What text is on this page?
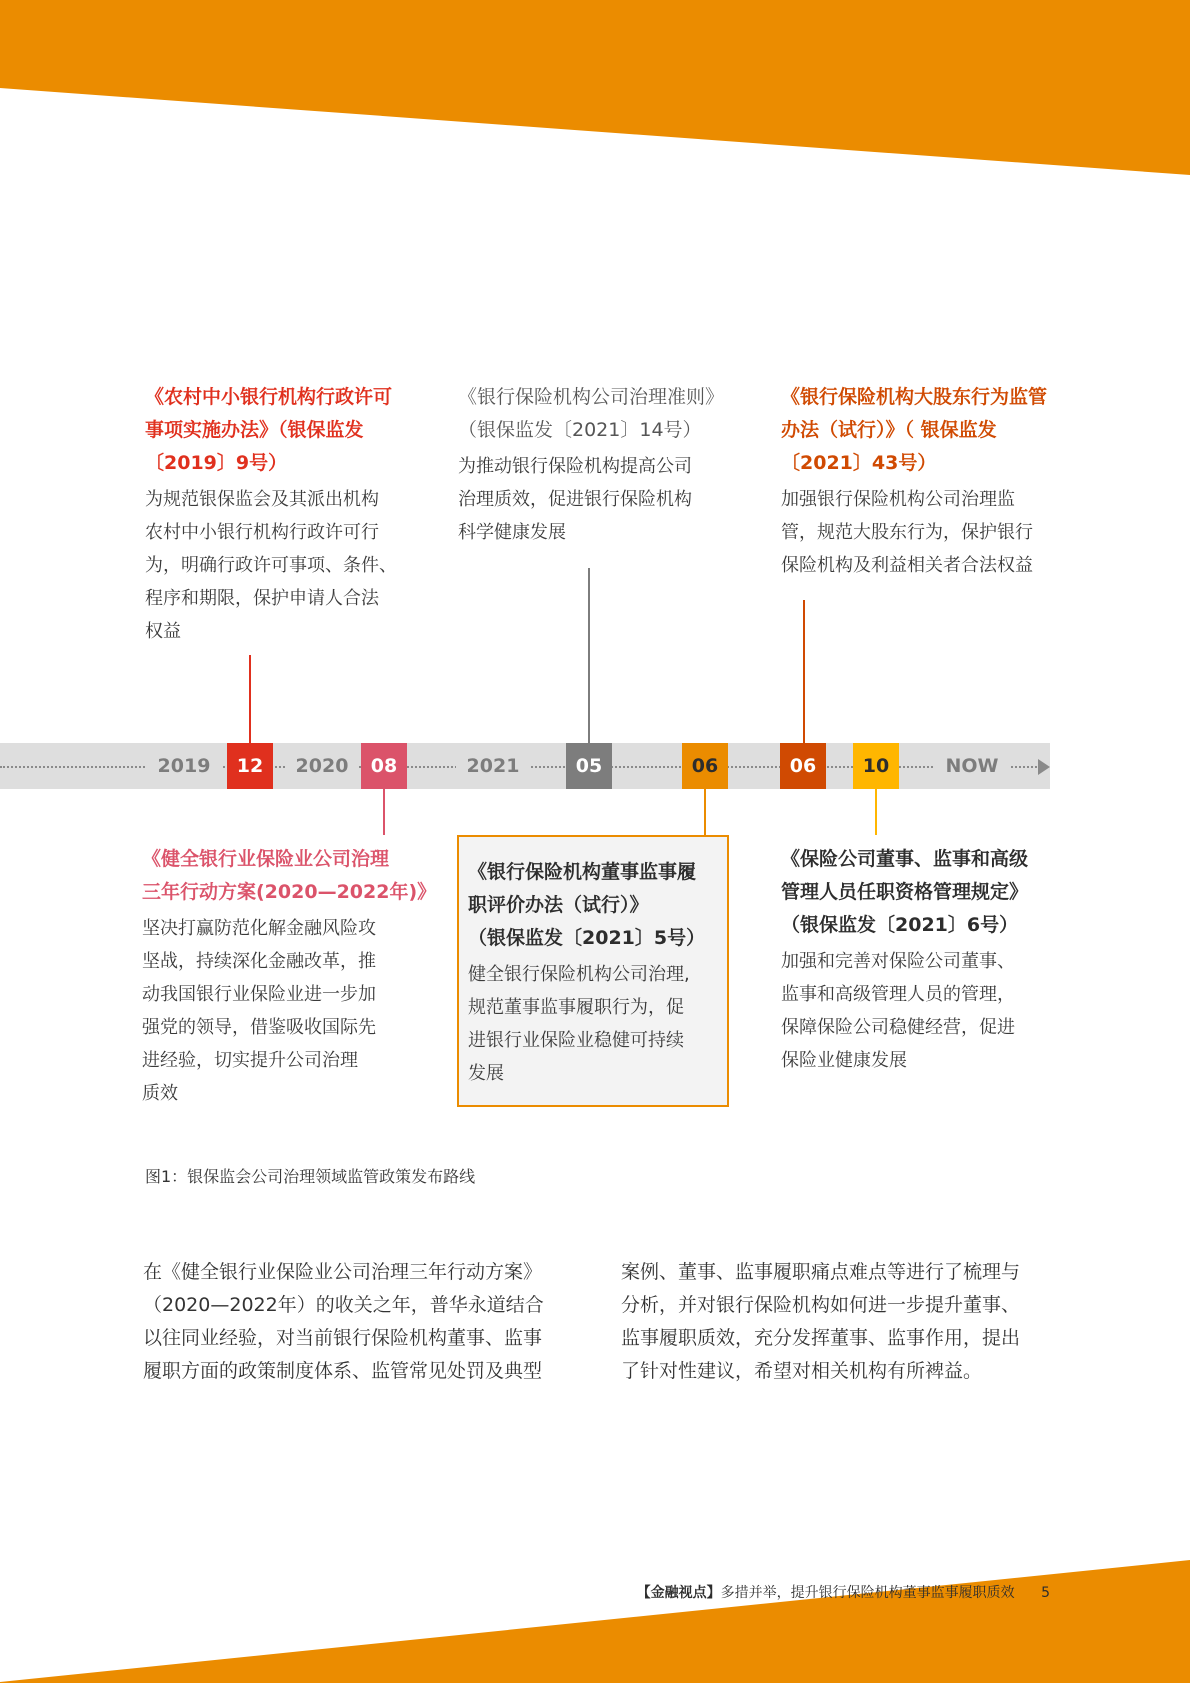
《农村中小银行机构行政许可
事项实施办法》（银保监发
〔2019〕9号）
为规范银保监会及其派出机构
农村中小银行机构行政许可行
为，明确行政许可事项、条件、
程序和期限，保护申请人合法
权益
《银行保险机构公司治理准则》
（银保监发〔2021〕14号）
为推动银行保险机构提高公司
治理质效，促进银行保险机构
科学健康发展
《银行保险机构大股东行为监管
办法（试行）》（ 银保监发
〔2021〕43号）
加强银行保险机构公司治理监
管，规范大股东行为，保护银行
保险机构及利益相关者合法权益
2019	2020	2021	NOW
12	08	05	06	06	10
《健全银行业保险业公司治理
三年行动方案(2020—2022年)》
坚决打赢防范化解金融风险攻
坚战，持续深化金融改革，推
动我国银行业保险业进一步加
强党的领导，借鉴吸收国际先
进经验，切实提升公司治理
质效
《银行保险机构董事监事履
职评价办法（试行）》
（银保监发〔2021〕5号）
健全银行保险机构公司治理,
规范董事监事履职行为，促
进银行业保险业稳健可持续
发展
《保险公司董事、监事和高级
管理人员任职资格管理规定》
（银保监发〔2021〕6号）
加强和完善对保险公司董事、
监事和高级管理人员的管理，
保障保险公司稳健经营，促进
保险业健康发展
图1：银保监会公司治理领域监管政策发布路线
在《健全银行业保险业公司治理三年行动方案》
（2020—2022年）的收关之年，普华永道结合
以往同业经验，对当前银行保险机构董事、监事
履职方面的政策制度体系、监管常见处罚及典型
案例、董事、监事履职痛点难点等进行了梳理与
分析，并对银行保险机构如何进一步提升董事、
监事履职质效，充分发挥董事、监事作用，提出
了针对性建议，希望对相关机构有所裨益。
【金融视点】多措并举，提升银行保险机构董事监事履职质效 5
